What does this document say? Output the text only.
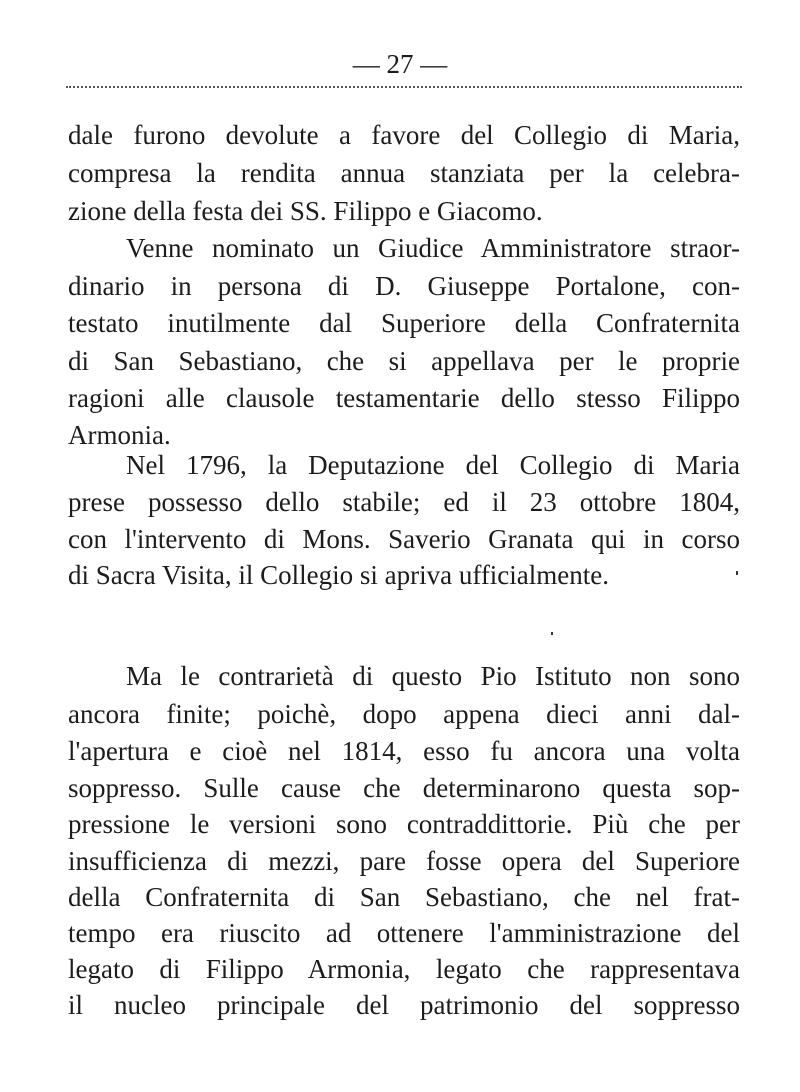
— 27 —
dale furono devolute a favore del Collegio di Maria,
compresa la rendita annua stanziata per la celebra-
zione della festa dei SS. Filippo e Giacomo.
Venne nominato un Giudice Amministratore straor-
dinario in persona di D. Giuseppe Portalone, con-
testato inutilmente dal Superiore della Confraternita
di San Sebastiano, che si appellava per le proprie
ragioni alle clausole testamentarie dello stesso Filippo
Armonia.
Nel 1796, la Deputazione del Collegio di Maria
prese possesso dello stabile; ed il 23 ottobre 1804,
con l'intervento di Mons. Saverio Granata qui in corso
di Sacra Visita, il Collegio si apriva ufficialmente.
Ma le contrarietà di questo Pio Istituto non sono
ancora finite; poichè, dopo appena dieci anni dal-
l'apertura e cioè nel 1814, esso fu ancora una volta
soppresso. Sulle cause che determinarono questa sop-
pressione le versioni sono contraddittorie. Più che per
insufficienza di mezzi, pare fosse opera del Superiore
della Confraternita di San Sebastiano, che nel frat-
tempo era riuscito ad ottenere l'amministrazione del
legato di Filippo Armonia, legato che rappresentava
il nucleo principale del patrimonio del soppresso
